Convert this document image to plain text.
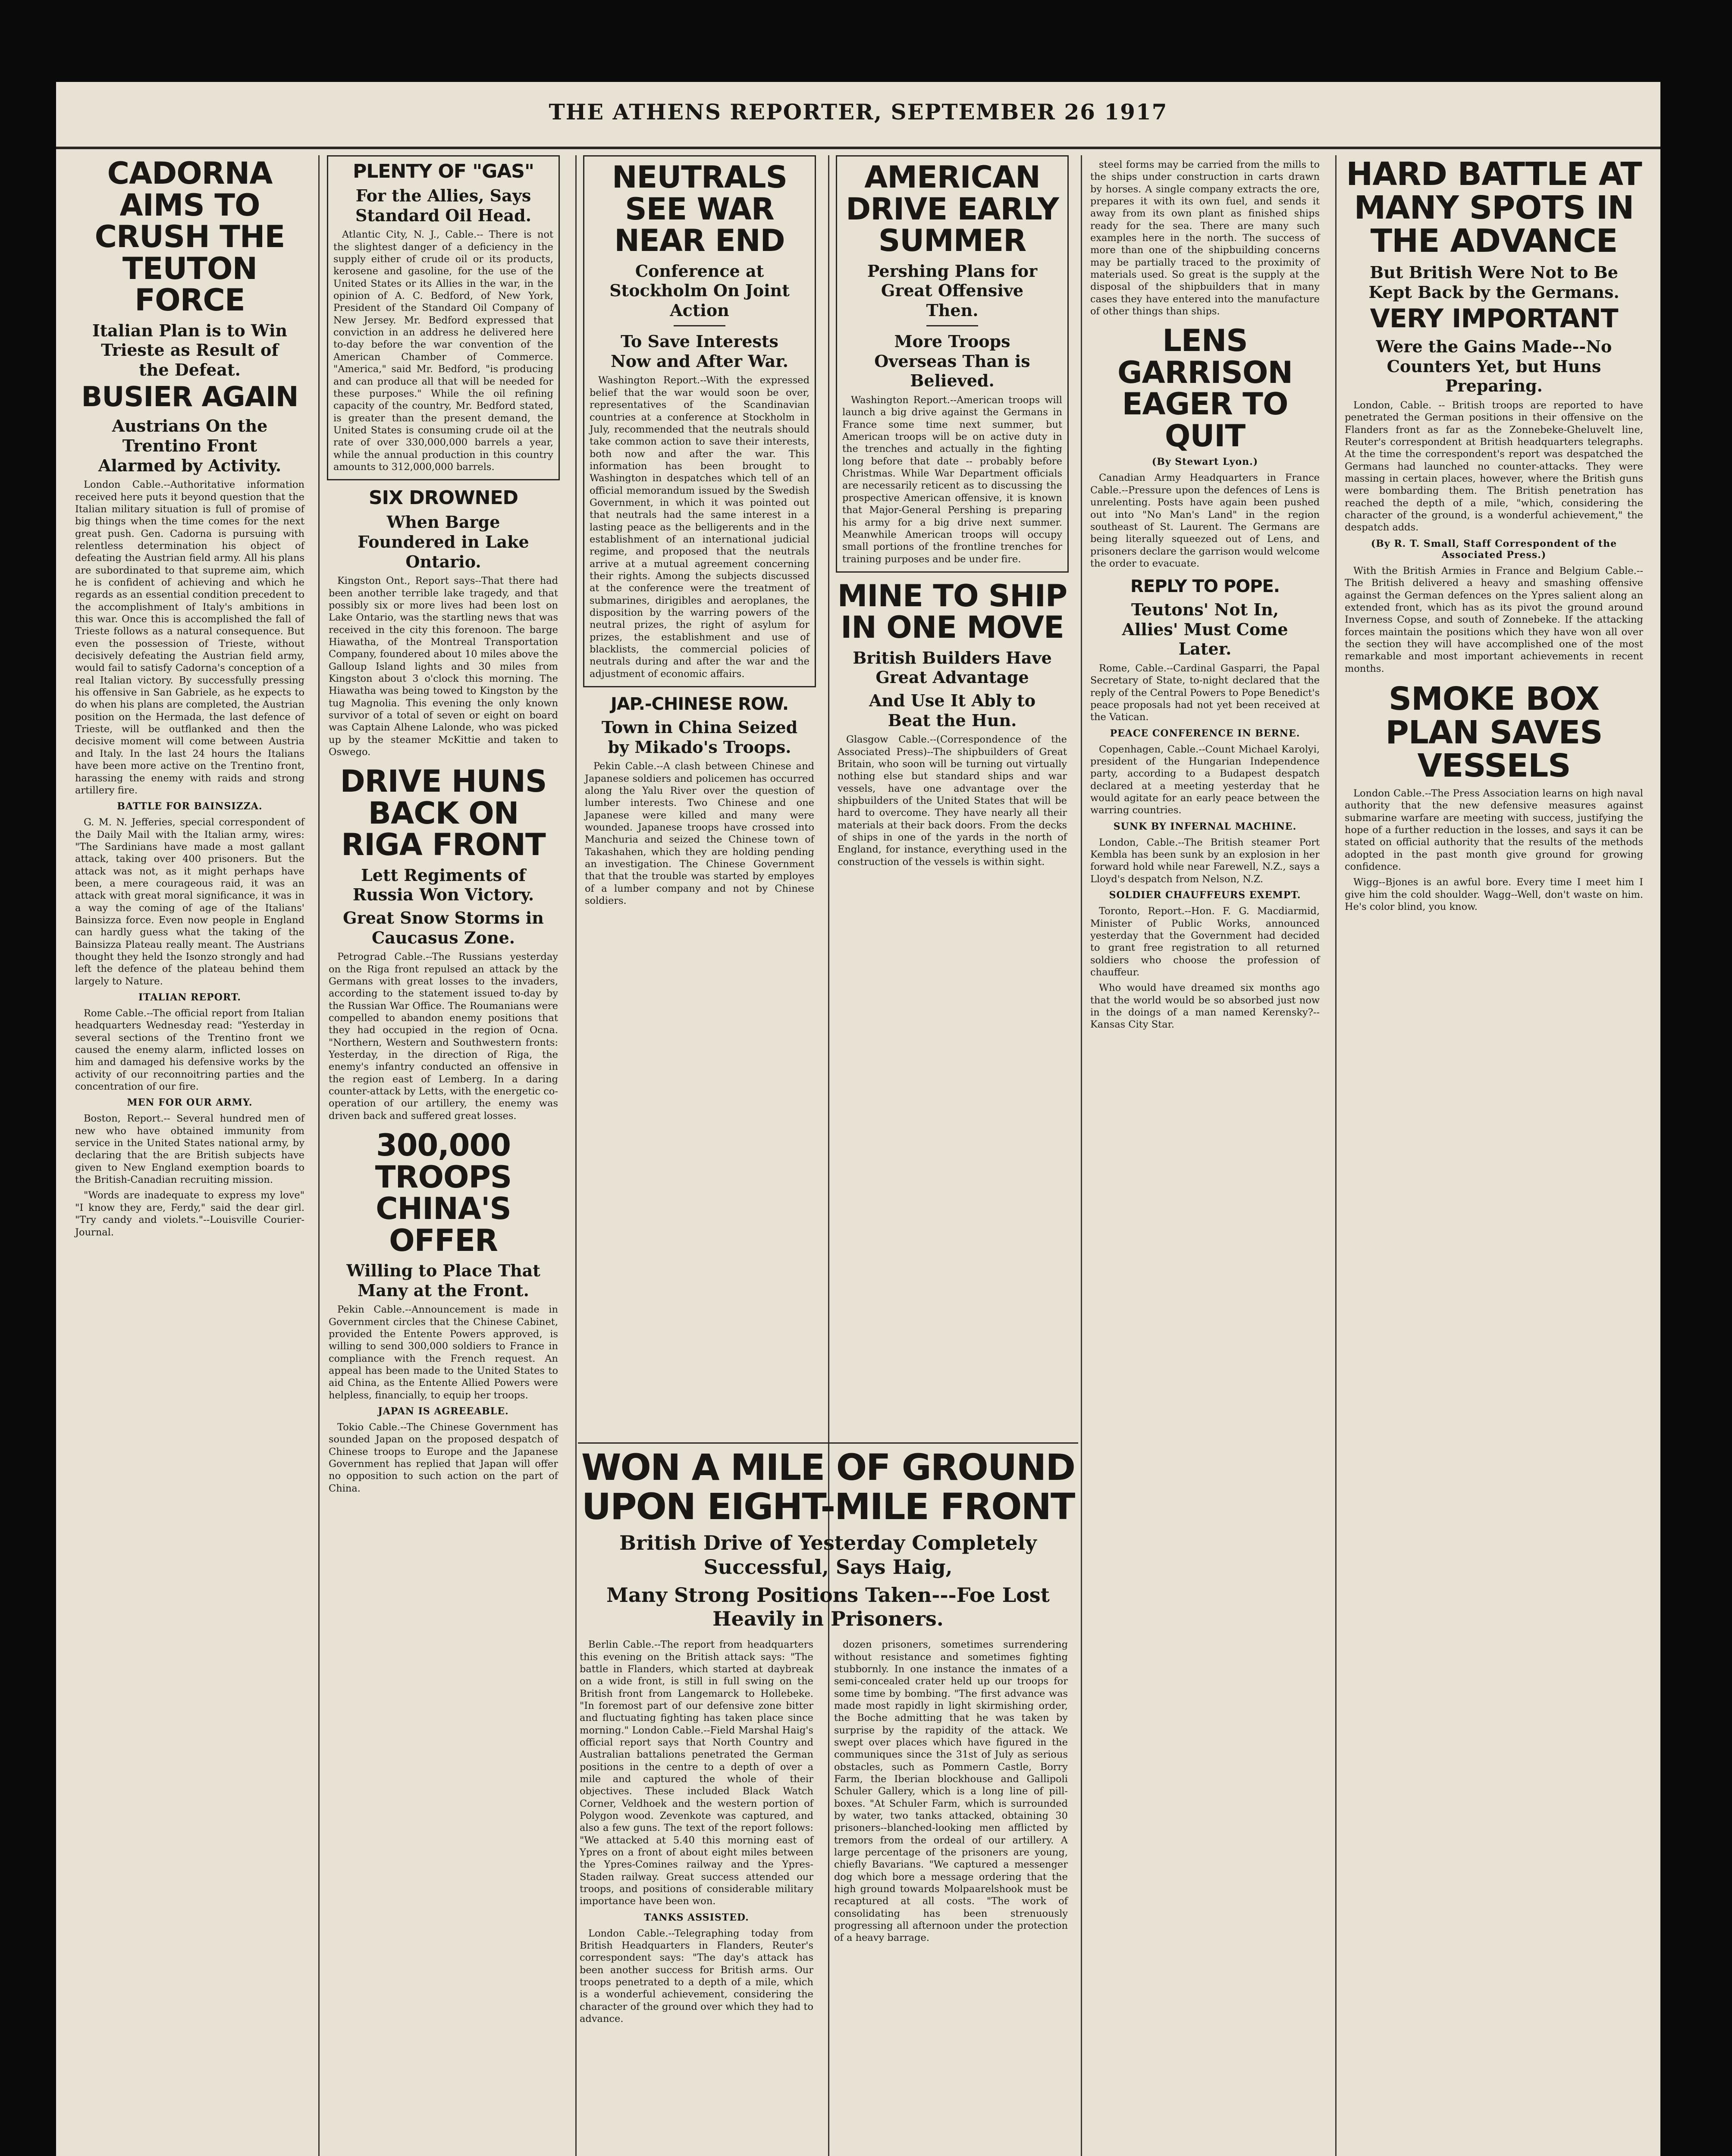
THE ATHENS REPORTER, SEPTEMBER 26 1917
CADORNA AIMS TO CRUSH THE TEUTON FORCE
Italian Plan is to Win Trieste as Result of the Defeat.
BUSIER AGAIN
Austrians On the Trentino Front Alarmed by Activity.
London Cable.--Authoritative information received here puts it beyond question that the Italian military situation is full of promise of big things when the time comes for the next great push. Gen. Cadorna is pursuing with relentless determination his object of defeating the Austrian field army. All his plans are subordinated to that supreme aim, which he is confident of achieving and which he regards as an essential condition precedent to the accomplishment of Italy's ambitions in this war. Once this is accomplished the fall of Trieste follows as a natural consequence. But even the possession of Trieste, without decisively defeating the Austrian field army, would fail to satisfy Cadorna's conception of a real Italian victory. By successfully pressing his offensive in San Gabriele, as he expects to do when his plans are completed, the Austrian position on the Hermada, the last defence of Trieste, will be outflanked and then the decisive moment will come between Austria and Italy. In the last 24 hours the Italians have been more active on the Trentino front, harassing the enemy with raids and strong artillery fire.
BATTLE FOR BAINSIZZA.
G. M. N. Jefferies, special correspondent of the Daily Mail with the Italian army, wires: "The Sardinians have made a most gallant attack, taking over 400 prisoners. But the attack was not, as it might perhaps have been, a mere courageous raid, it was an attack with great moral significance, it was in a way the coming of age of the Italians' Bainsizza force. Even now people in England can hardly guess what the taking of the Bainsizza Plateau really meant. The Austrians thought they held the Isonzo strongly and had left the defence of the plateau behind them largely to Nature.
ITALIAN REPORT.
Rome Cable.--The official report from Italian headquarters Wednesday read: "Yesterday in several sections of the Trentino front we caused the enemy alarm, inflicted losses on him and damaged his defensive works by the activity of our reconnoitring parties and the concentration of our fire.
MEN FOR OUR ARMY.
Boston, Report.-- Several hundred men of new who have obtained immunity from service in the United States national army, by declaring that the are British subjects have given to New England exemption boards to the British-Canadian recruiting mission.
"Words are inadequate to express my love" "I know they are, Ferdy," said the dear girl. "Try candy and violets."--Louisville Courier-Journal.
PLENTY OF "GAS"
For the Allies, Says Standard Oil Head.
Atlantic City, N. J., Cable.-- There is not the slightest danger of a deficiency in the supply either of crude oil or its products, kerosene and gasoline, for the use of the United States or its Allies in the war, in the opinion of A. C. Bedford, of New York, President of the Standard Oil Company of New Jersey. Mr. Bedford expressed that conviction in an address he delivered here to-day before the war convention of the American Chamber of Commerce. "America," said Mr. Bedford, "is producing and can produce all that will be needed for these purposes." While the oil refining capacity of the country, Mr. Bedford stated, is greater than the present demand, the United States is consuming crude oil at the rate of over 330,000,000 barrels a year, while the annual production in this country amounts to 312,000,000 barrels.
SIX DROWNED
When Barge Foundered in Lake Ontario.
Kingston Ont., Report says--That there had been another terrible lake tragedy, and that possibly six or more lives had been lost on Lake Ontario, was the startling news that was received in the city this forenoon. The barge Hiawatha, of the Montreal Transportation Company, foundered about 10 miles above the Galloup Island lights and 30 miles from Kingston about 3 o'clock this morning. The Hiawatha was being towed to Kingston by the tug Magnolia. This evening the only known survivor of a total of seven or eight on board was Captain Alhene Lalonde, who was picked up by the steamer McKittie and taken to Oswego.
DRIVE HUNS BACK ON RIGA FRONT
Lett Regiments of Russia Won Victory.
Great Snow Storms in Caucasus Zone.
Petrograd Cable.--The Russians yesterday on the Riga front repulsed an attack by the Germans with great losses to the invaders, according to the statement issued to-day by the Russian War Office. The Roumanians were compelled to abandon enemy positions that they had occupied in the region of Ocna. "Northern, Western and Southwestern fronts: Yesterday, in the direction of Riga, the enemy's infantry conducted an offensive in the region east of Lemberg. In a daring counter-attack by Letts, with the energetic co-operation of our artillery, the enemy was driven back and suffered great losses.
300,000 TROOPS CHINA'S OFFER
Willing to Place That Many at the Front.
Pekin Cable.--Announcement is made in Government circles that the Chinese Cabinet, provided the Entente Powers approved, is willing to send 300,000 soldiers to France in compliance with the French request. An appeal has been made to the United States to aid China, as the Entente Allied Powers were helpless, financially, to equip her troops.
JAPAN IS AGREEABLE.
Tokio Cable.--The Chinese Government has sounded Japan on the proposed despatch of Chinese troops to Europe and the Japanese Government has replied that Japan will offer no opposition to such action on the part of China.
NEUTRALS SEE WAR NEAR END
Conference at Stockholm On Joint Action
To Save Interests Now and After War.
Washington Report.--With the expressed belief that the war would soon be over, representatives of the Scandinavian countries at a conference at Stockholm in July, recommended that the neutrals should take common action to save their interests, both now and after the war. This information has been brought to Washington in despatches which tell of an official memorandum issued by the Swedish Government, in which it was pointed out that neutrals had the same interest in a lasting peace as the belligerents and in the establishment of an international judicial regime, and proposed that the neutrals arrive at a mutual agreement concerning their rights. Among the subjects discussed at the conference were the treatment of submarines, dirigibles and aeroplanes, the disposition by the warring powers of the neutral prizes, the right of asylum for prizes, the establishment and use of blacklists, the commercial policies of neutrals during and after the war and the adjustment of economic affairs.
JAP.-CHINESE ROW.
Town in China Seized by Mikado's Troops.
Pekin Cable.--A clash between Chinese and Japanese soldiers and policemen has occurred along the Yalu River over the question of lumber interests. Two Chinese and one Japanese were killed and many were wounded. Japanese troops have crossed into Manchuria and seized the Chinese town of Takashahen, which they are holding pending an investigation. The Chinese Government that that the trouble was started by employes of a lumber company and not by Chinese soldiers.
AMERICAN DRIVE EARLY SUMMER
Pershing Plans for Great Offensive Then.
More Troops Overseas Than is Believed.
Washington Report.--American troops will launch a big drive against the Germans in France some time next summer, but American troops will be on active duty in the trenches and actually in the fighting long before that date -- probably before Christmas. While War Department officials are necessarily reticent as to discussing the prospective American offensive, it is known that Major-General Pershing is preparing his army for a big drive next summer. Meanwhile American troops will occupy small portions of the frontline trenches for training purposes and be under fire.
MINE TO SHIP IN ONE MOVE
British Builders Have Great Advantage
And Use It Ably to Beat the Hun.
Glasgow Cable.--(Correspondence of the Associated Press)--The shipbuilders of Great Britain, who soon will be turning out virtually nothing else but standard ships and war vessels, have one advantage over the shipbuilders of the United States that will be hard to overcome. They have nearly all their materials at their back doors. From the decks of ships in one of the yards in the north of England, for instance, everything used in the construction of the vessels is within sight.
steel forms may be carried from the mills to the ships under construction in carts drawn by horses. A single company extracts the ore, prepares it with its own fuel, and sends it away from its own plant as finished ships ready for the sea. There are many such examples here in the north. The success of more than one of the shipbuilding concerns may be partially traced to the proximity of materials used. So great is the supply at the disposal of the shipbuilders that in many cases they have entered into the manufacture of other things than ships.
LENS GARRISON EAGER TO QUIT
(By Stewart Lyon.)
Canadian Army Headquarters in France Cable.--Pressure upon the defences of Lens is unrelenting. Posts have again been pushed out into "No Man's Land" in the region southeast of St. Laurent. The Germans are being literally squeezed out of Lens, and prisoners declare the garrison would welcome the order to evacuate.
REPLY TO POPE.
Teutons' Not In, Allies' Must Come Later.
Rome, Cable.--Cardinal Gasparri, the Papal Secretary of State, to-night declared that the reply of the Central Powers to Pope Benedict's peace proposals had not yet been received at the Vatican.
PEACE CONFERENCE IN BERNE.
Copenhagen, Cable.--Count Michael Karolyi, president of the Hungarian Independence party, according to a Budapest despatch declared at a meeting yesterday that he would agitate for an early peace between the warring countries.
SUNK BY INFERNAL MACHINE.
London, Cable.--The British steamer Port Kembla has been sunk by an explosion in her forward hold while near Farewell, N.Z., says a Lloyd's despatch from Nelson, N.Z.
SOLDIER CHAUFFEURS EXEMPT.
Toronto, Report.--Hon. F. G. Macdiarmid, Minister of Public Works, announced yesterday that the Government had decided to grant free registration to all returned soldiers who choose the profession of chauffeur.
Who would have dreamed six months ago that the world would be so absorbed just now in the doings of a man named Kerensky?--Kansas City Star.
HARD BATTLE AT MANY SPOTS IN THE ADVANCE
But British Were Not to Be Kept Back by the Germans.
VERY IMPORTANT
Were the Gains Made--No Counters Yet, but Huns Preparing.
London, Cable. -- British troops are reported to have penetrated the German positions in their offensive on the Flanders front as far as the Zonnebeke-Gheluvelt line, Reuter's correspondent at British headquarters telegraphs. At the time the correspondent's report was despatched the Germans had launched no counter-attacks. They were massing in certain places, however, where the British guns were bombarding them. The British penetration has reached the depth of a mile, "which, considering the character of the ground, is a wonderful achievement," the despatch adds.
(By R. T. Small, Staff Correspondent of the Associated Press.)
With the British Armies in France and Belgium Cable.--The British delivered a heavy and smashing offensive against the German defences on the Ypres salient along an extended front, which has as its pivot the ground around Inverness Copse, and south of Zonnebeke. If the attacking forces maintain the positions which they have won all over the section they will have accomplished one of the most remarkable and most important achievements in recent months.
SMOKE BOX PLAN SAVES VESSELS
London Cable.--The Press Association learns on high naval authority that the new defensive measures against submarine warfare are meeting with success, justifying the hope of a further reduction in the losses, and says it can be stated on official authority that the results of the methods adopted in the past month give ground for growing confidence.
Wigg--Bjones is an awful bore. Every time I meet him I give him the cold shoulder. Wagg--Well, don't waste on him. He's color blind, you know.
WON A MILE OF GROUND UPON EIGHT-MILE FRONT
British Drive of Yesterday Completely Successful, Says Haig,
Many Strong Positions Taken---Foe Lost Heavily in Prisoners.
Berlin Cable.--The report from headquarters this evening on the British attack says: "The battle in Flanders, which started at daybreak on a wide front, is still in full swing on the British front from Langemarck to Hollebeke. "In foremost part of our defensive zone bitter and fluctuating fighting has taken place since morning." London Cable.--Field Marshal Haig's official report says that North Country and Australian battalions penetrated the German positions in the centre to a depth of over a mile and captured the whole of their objectives. These included Black Watch Corner, Veldhoek and the western portion of Polygon wood. Zevenkote was captured, and also a few guns. The text of the report follows: "We attacked at 5.40 this morning east of Ypres on a front of about eight miles between the Ypres-Comines railway and the Ypres-Staden railway. Great success attended our troops, and positions of considerable military importance have been won.
TANKS ASSISTED.
London Cable.--Telegraphing today from British Headquarters in Flanders, Reuter's correspondent says: "The day's attack has been another success for British arms. Our troops penetrated to a depth of a mile, which is a wonderful achievement, considering the character of the ground over which they had to advance.
dozen prisoners, sometimes surrendering without resistance and sometimes fighting stubbornly. In one instance the inmates of a semi-concealed crater held up our troops for some time by bombing. "The first advance was made most rapidly in light skirmishing order, the Boche admitting that he was taken by surprise by the rapidity of the attack. We swept over places which have figured in the communiques since the 31st of July as serious obstacles, such as Pommern Castle, Borry Farm, the Iberian blockhouse and Gallipoli Schuler Gallery, which is a long line of pill-boxes. "At Schuler Farm, which is surrounded by water, two tanks attacked, obtaining 30 prisoners--blanched-looking men afflicted by tremors from the ordeal of our artillery. A large percentage of the prisoners are young, chiefly Bavarians. "We captured a messenger dog which bore a message ordering that the high ground towards Molpaarelshook must be recaptured at all costs. "The work of consolidating has been strenuously progressing all afternoon under the protection of a heavy barrage.
